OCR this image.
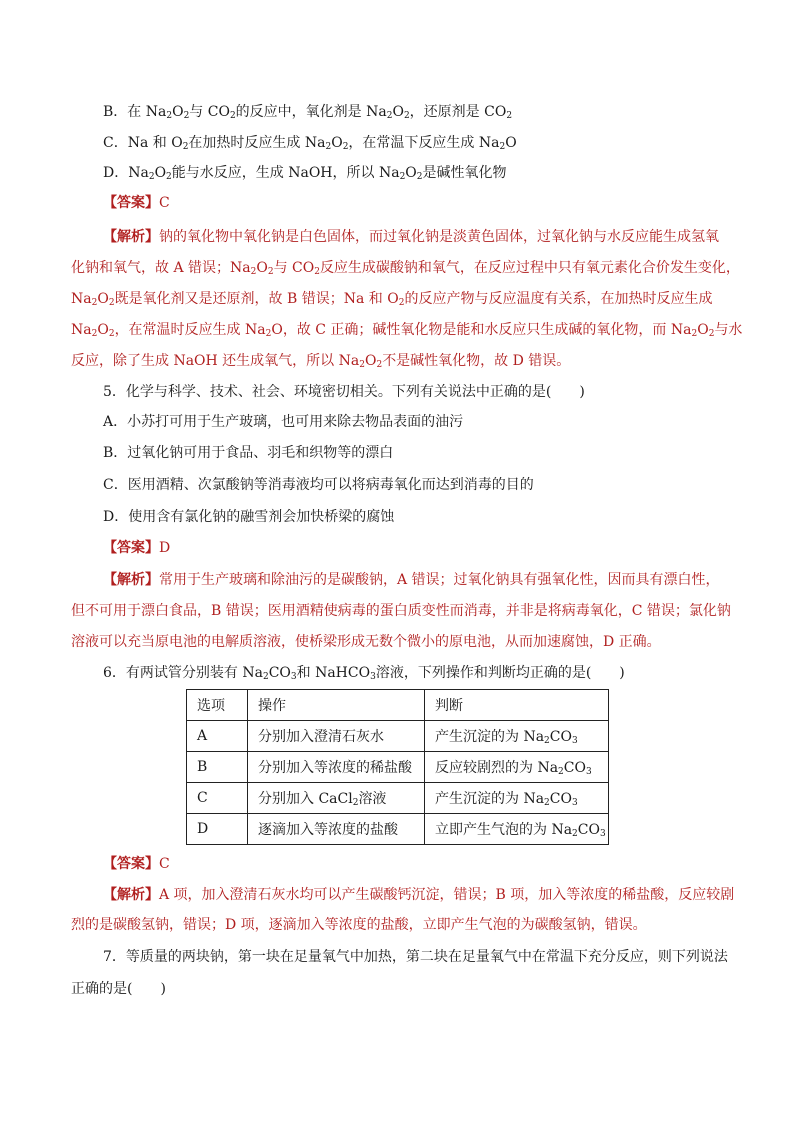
B．在 $Na_2O_2$与 $CO_2$的反应中，氧化剂是 $Na_2O_2$，还原剂是 $CO_2$
C．Na 和 $O_2$在加热时反应生成 $Na_2O_2$，在常温下反应生成 $Na_2O$
D．$Na_2O_2$能与水反应，生成 NaOH，所以 $Na_2O_2$是碱性氧化物
【答案】C
【解析】钠的氧化物中氧化钠是白色固体，而过氧化钠是淡黄色固体，过氧化钠与水反应能生成氢氧
化钠和氧气，故 A 错误；$Na_2O_2$与 $CO_2$反应生成碳酸钠和氧气，在反应过程中只有氧元素化合价发生变化，
$Na_2O_2$既是氧化剂又是还原剂，故 B 错误；Na 和 $O_2$的反应产物与反应温度有关系，在加热时反应生成
$Na_2O_2$，在常温时反应生成 $Na_2O$，故 C 正确；碱性氧化物是能和水反应只生成碱的氧化物，而 $Na_2O_2$与水
反应，除了生成 NaOH 还生成氧气，所以 $Na_2O_2$不是碱性氧化物，故 D 错误。
5．化学与科学、技术、社会、环境密切相关。下列有关说法中正确的是(　　)
A．小苏打可用于生产玻璃，也可用来除去物品表面的油污
B．过氧化钠可用于食品、羽毛和织物等的漂白
C．医用酒精、次氯酸钠等消毒液均可以将病毒氧化而达到消毒的目的
D．使用含有氯化钠的融雪剂会加快桥梁的腐蚀
【答案】D
【解析】常用于生产玻璃和除油污的是碳酸钠，A 错误；过氧化钠具有强氧化性，因而具有漂白性，
但不可用于漂白食品，B 错误；医用酒精使病毒的蛋白质变性而消毒，并非是将病毒氧化，C 错误；氯化钠
溶液可以充当原电池的电解质溶液，使桥梁形成无数个微小的原电池，从而加速腐蚀，D 正确。
6．有两试管分别装有 $Na_2CO_3$和 NaHCO$_3$溶液，下列操作和判断均正确的是(　　)
选项	操作	判断
A	分别加入澄清石灰水	产生沉淀的为 $Na_2CO_3$
B	分别加入等浓度的稀盐酸	反应较剧烈的为 $Na_2CO_3$
C	分别加入 CaCl$_2$溶液	产生沉淀的为 $Na_2CO_3$
D	逐滴加入等浓度的盐酸	立即产生气泡的为 $Na_2CO_3$
【答案】C
【解析】A 项，加入澄清石灰水均可以产生碳酸钙沉淀，错误；B 项，加入等浓度的稀盐酸，反应较剧
烈的是碳酸氢钠，错误；D 项，逐滴加入等浓度的盐酸，立即产生气泡的为碳酸氢钠，错误。
7．等质量的两块钠，第一块在足量氧气中加热，第二块在足量氧气中在常温下充分反应，则下列说法
正确的是(　　)
